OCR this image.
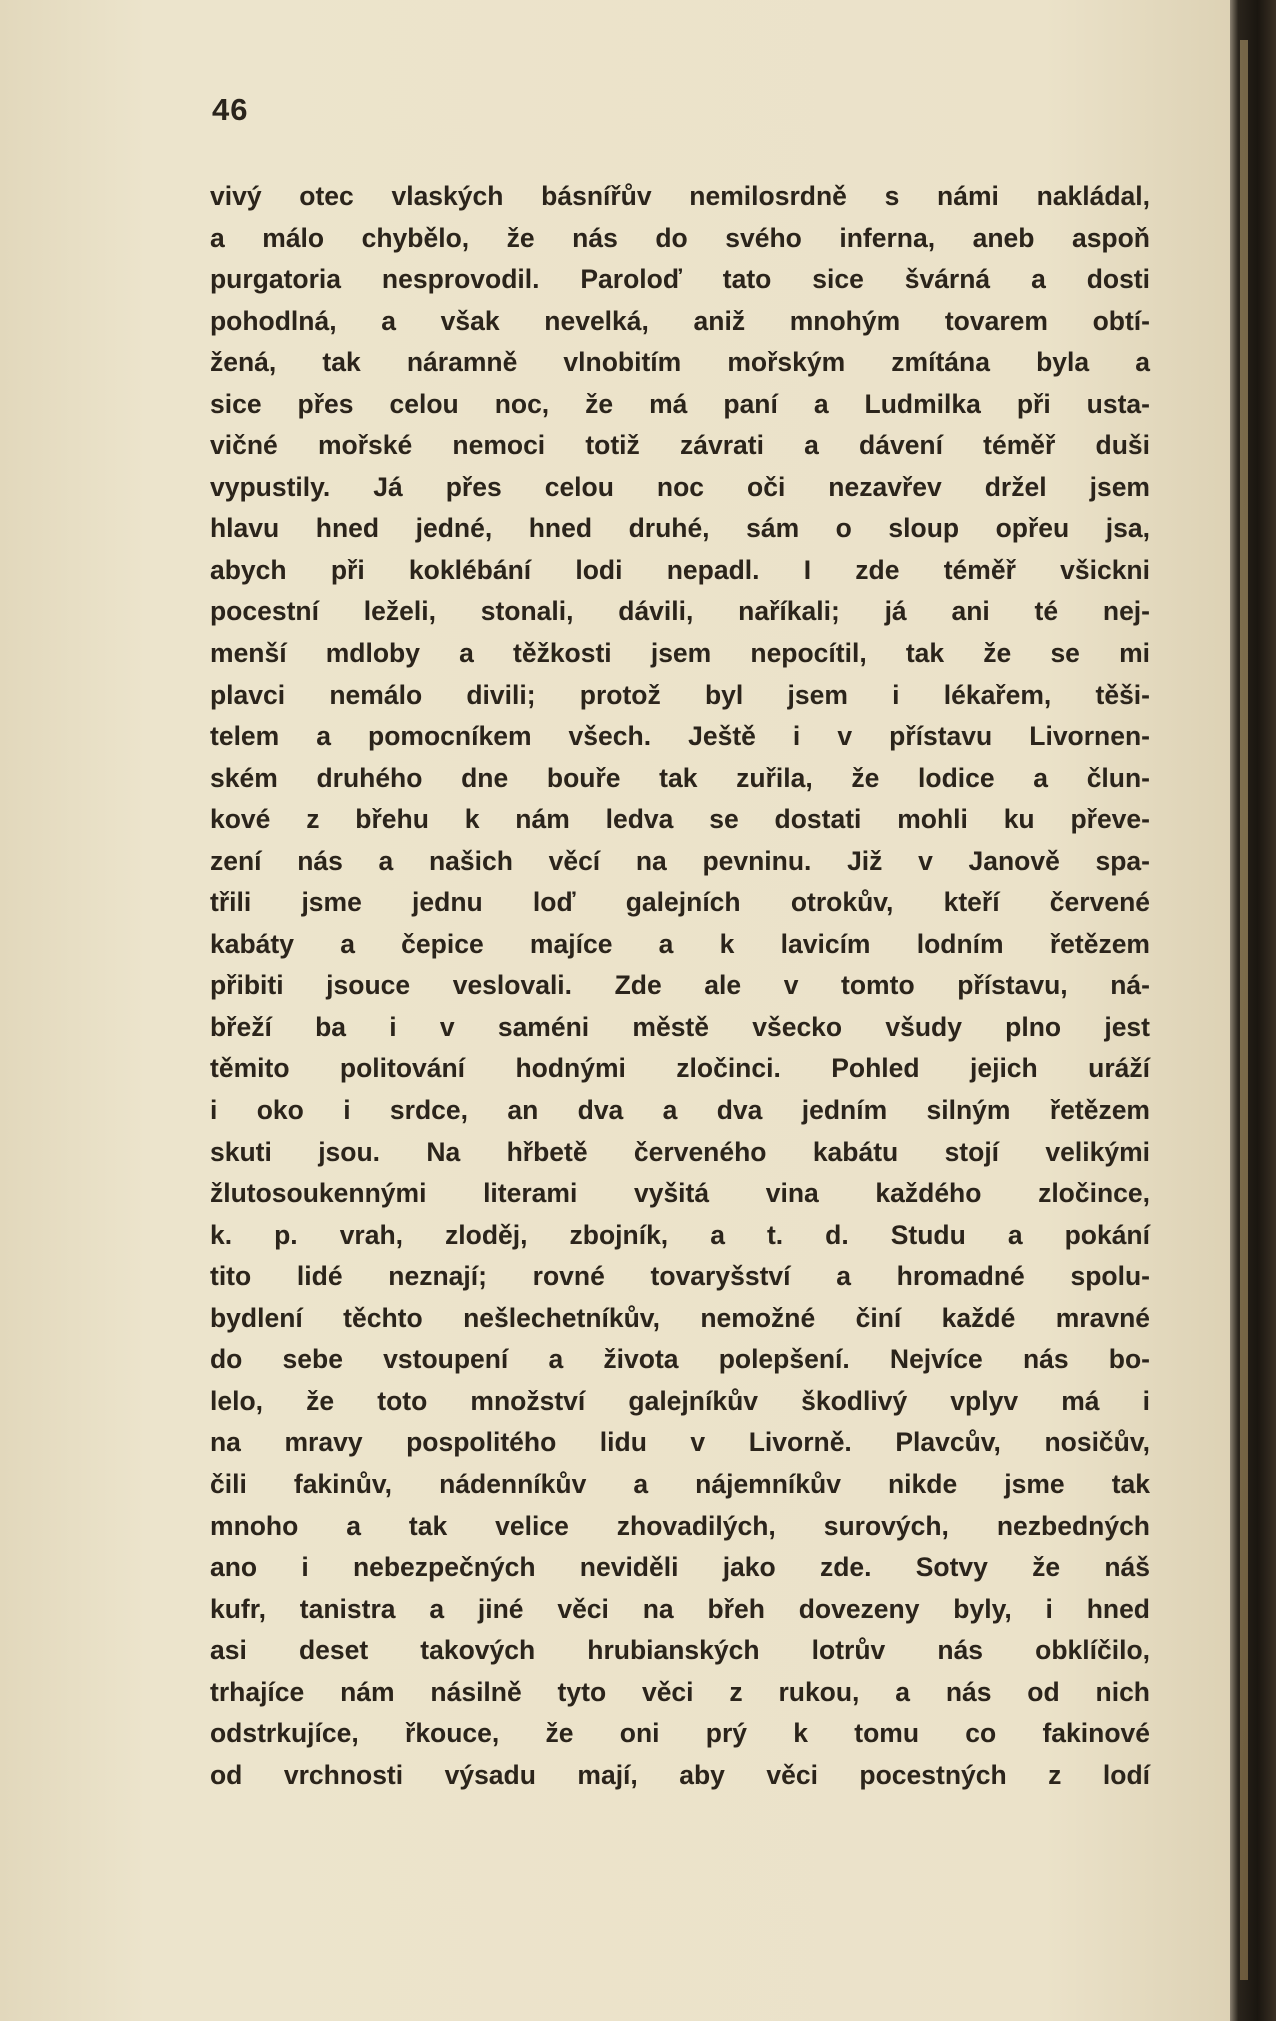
46

vivý otec vlaských básnířův nemilosrdně s námi nakládal,
a málo chybělo, že nás do svého inferna, aneb aspoň
purgatoria nesprovodil. Paroloď tato sice švárná a dosti
pohodlná, a však nevelká, aniž mnohým tovarem obtí-
žená, tak náramně vlnobitím mořským zmítána byla a
sice přes celou noc, že má paní a Ludmilka při usta-
vičné mořské nemoci totiž závrati a dávení téměř duši
vypustily. Já přes celou noc oči nezavřev držel jsem
hlavu hned jedné, hned druhé, sám o sloup opřeu jsa,
abych při koklébání lodi nepadl. I zde téměř všickni
pocestní leželi, stonali, dávili, naříkali; já ani té nej-
menší mdloby a těžkosti jsem nepocítil, tak že se mi
plavci nemálo divili; protož byl jsem i lékařem, těši-
telem a pomocníkem všech. Ještě i v přístavu Livornen-
ském druhého dne bouře tak zuřila, že lodice a člun-
kové z břehu k nám ledva se dostati mohli ku převe-
zení nás a našich věcí na pevninu. Již v Janově spa-
třili jsme jednu loď galejních otrokův, kteří červené
kabáty a čepice majíce a k lavicím lodním řetězem
přibiti jsouce veslovali. Zde ale v tomto přístavu, ná-
břeží ba i v saméni městě všecko všudy plno jest
těmito politování hodnými zločinci. Pohled jejich uráží
i oko i srdce, an dva a dva jedním silným řetězem
skuti jsou. Na hřbetě červeného kabátu stojí velikými
žlutosoukennými literami vyšitá vina každého zločince,
k. p. vrah, zloděj, zbojník, a t. d. Studu a pokání
tito lidé neznají; rovné tovaryšství a hromadné spolu-
bydlení těchto nešlechetníkův, nemožné činí každé mravné
do sebe vstoupení a života polepšení. Nejvíce nás bo-
lelo, že toto množství galejníkův škodlivý vplyv má i
na mravy pospolitého lidu v Livorně. Plavcův, nosičův,
čili fakinův, nádenníkův a nájemníkův nikde jsme tak
mnoho a tak velice zhovadilých, surových, nezbedných
ano i nebezpečných neviděli jako zde. Sotvy že náš
kufr, tanistra a jiné věci na břeh dovezeny byly, i hned
asi deset takových hrubianských lotrův nás obklíčilo,
trhajíce nám násilně tyto věci z rukou, a nás od nich
odstrkujíce, řkouce, že oni prý k tomu co fakinové
od vrchnosti výsadu mají, aby věci pocestných z lodí
